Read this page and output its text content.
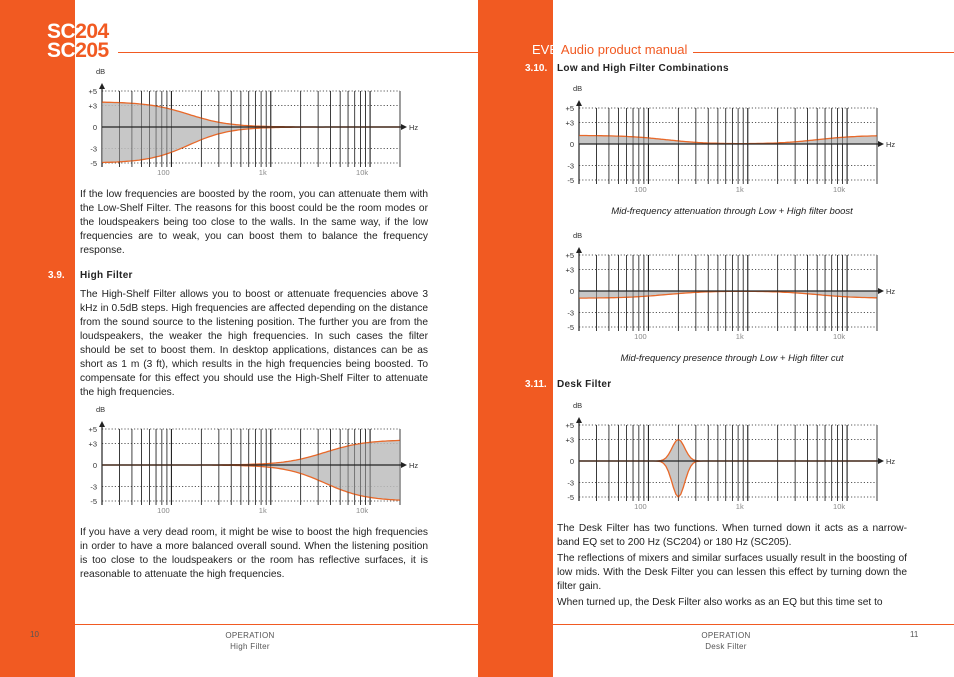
SC204
SC205	EVE Audio product manual
dB
+5
+3
0
-3
-5
Hz
100	1k	10k

If the low frequencies are boosted by the room, you can attenuate them with the Low-Shelf Filter. The reasons for this boost could be the room modes or the loudspeakers being too close to the walls. In the same way, if the low frequencies are to weak, you can boost them to balance the frequency response.

3.9. High Filter

The High-Shelf Filter allows you to boost or attenuate frequencies above 3 kHz in 0.5dB steps. High frequencies are affected depending on the distance from the sound source to the listening position. The further you are from the loudspeakers, the weaker the high frequencies. In such cases the filter should be set to boost them. In desktop applications, distances can be as short as 1 m (3 ft), which results in the high frequencies being boosted. To compensate for this effect you should use the High-Shelf Filter to attenuate the high frequencies.

dB
+5
+3
0
-3
-5
Hz
100	1k	10k

If you have a very dead room, it might be wise to boost the high frequencies in order to have a more balanced overall sound. When the listening position is too close to the loudspeakers or the room has reflective surfaces, it is reasonable to attenuate the high frequencies.

10	OPERATION
High Filter
3.10. Low and High Filter Combinations
dB
+5
+3
0
-3
-5
Hz
100	1k	10k
Mid-frequency attenuation through Low + High filter boost
dB
+5
+3
0
-3
-5
Hz
100	1k	10k
Mid-frequency presence through Low + High filter cut
3.11. Desk Filter
dB
+5
+3
0
-3
-5
Hz
100	1k	10k

The Desk Filter has two functions. When turned down it acts as a narrow-band EQ set to 200 Hz (SC204) or 180 Hz (SC205).

The reflections of mixers and similar surfaces usually result in the boosting of low mids. With the Desk Filter you can lessen this effect by turning down the filter gain.

When turned up, the Desk Filter also works as an EQ but this time set to

OPERATION
Desk Filter
11
